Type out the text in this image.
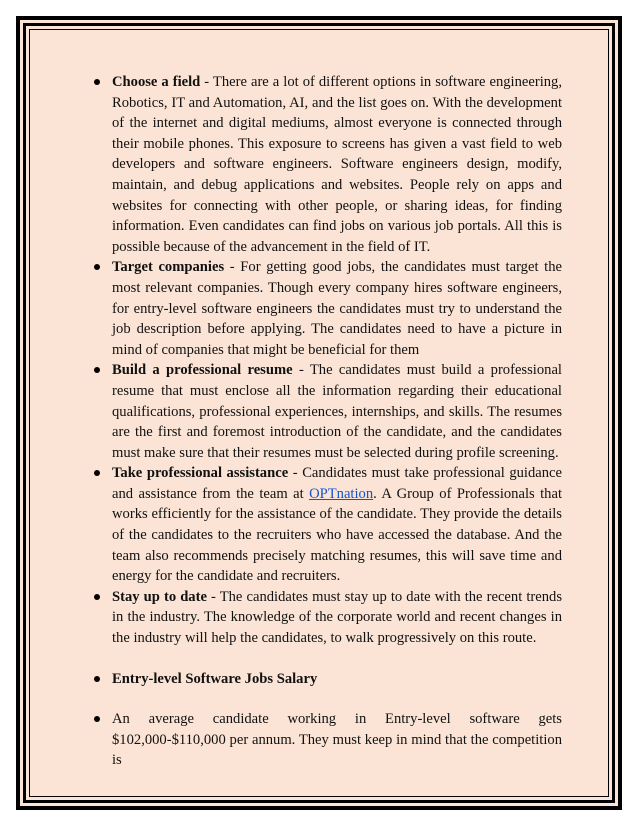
Choose a field - There are a lot of different options in software engineering, Robotics, IT and Automation, AI, and the list goes on. With the development of the internet and digital mediums, almost everyone is connected through their mobile phones. This exposure to screens has given a vast field to web developers and software engineers. Software engineers design, modify, maintain, and debug applications and websites. People rely on apps and websites for connecting with other people, or sharing ideas, for finding information. Even candidates can find jobs on various job portals. All this is possible because of the advancement in the field of IT.
Target companies - For getting good jobs, the candidates must target the most relevant companies. Though every company hires software engineers, for entry-level software engineers the candidates must try to understand the job description before applying. The candidates need to have a picture in mind of companies that might be beneficial for them
Build a professional resume - The candidates must build a professional resume that must enclose all the information regarding their educational qualifications, professional experiences, internships, and skills. The resumes are the first and foremost introduction of the candidate, and the candidates must make sure that their resumes must be selected during profile screening.
Take professional assistance - Candidates must take professional guidance and assistance from the team at OPTnation. A Group of Professionals that works efficiently for the assistance of the candidate. They provide the details of the candidates to the recruiters who have accessed the database. And the team also recommends precisely matching resumes, this will save time and energy for the candidate and recruiters.
Stay up to date - The candidates must stay up to date with the recent trends in the industry. The knowledge of the corporate world and recent changes in the industry will help the candidates, to walk progressively on this route.
Entry-level Software Jobs Salary
An average candidate working in Entry-level software gets $102,000-$110,000 per annum. They must keep in mind that the competition is
